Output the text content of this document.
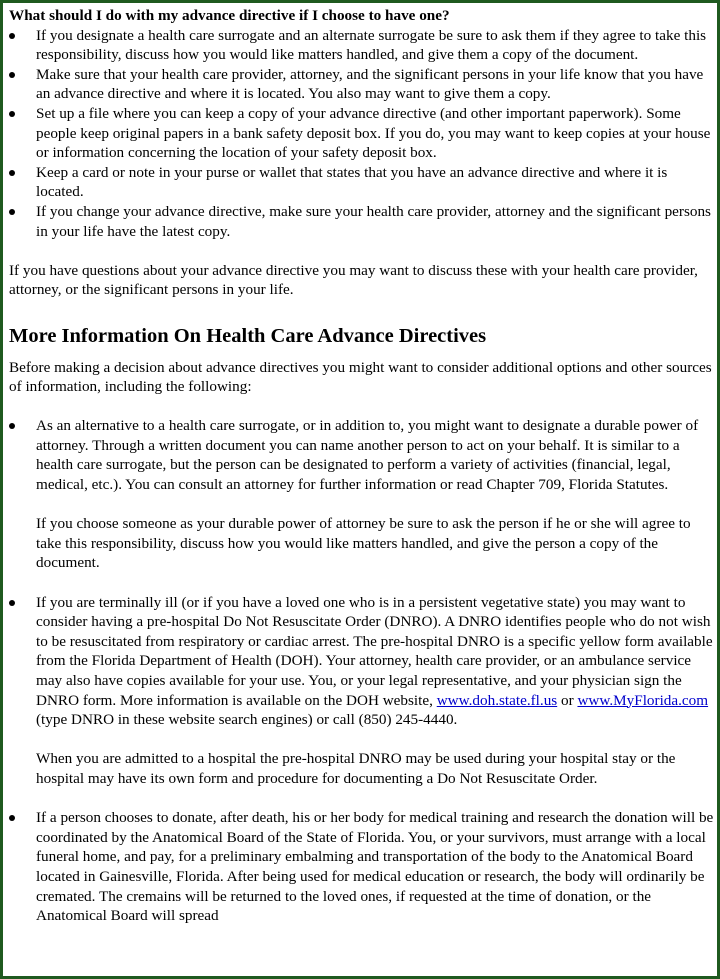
What should I do with my advance directive if I choose to have one?

If you designate a health care surrogate and an alternate surrogate be sure to ask them if they agree to take this responsibility, discuss how you would like matters handled, and give them a copy of the document.
Make sure that your health care provider, attorney, and the significant persons in your life know that you have an advance directive and where it is located. You also may want to give them a copy.
Set up a file where you can keep a copy of your advance directive (and other important paperwork). Some people keep original papers in a bank safety deposit box. If you do, you may want to keep copies at your house or information concerning the location of your safety deposit box.
Keep a card or note in your purse or wallet that states that you have an advance directive and where it is located.
If you change your advance directive, make sure your health care provider, attorney and the significant persons in your life have the latest copy.

If you have questions about your advance directive you may want to discuss these with your health care provider, attorney, or the significant persons in your life.

More Information On Health Care Advance Directives

Before making a decision about advance directives you might want to consider additional options and other sources of information, including the following:

As an alternative to a health care surrogate, or in addition to, you might want to designate a durable power of attorney. Through a written document you can name another person to act on your behalf. It is similar to a health care surrogate, but the person can be designated to perform a variety of activities (financial, legal, medical, etc.). You can consult an attorney for further information or read Chapter 709, Florida Statutes.

If you choose someone as your durable power of attorney be sure to ask the person if he or she will agree to take this responsibility, discuss how you would like matters handled, and give the person a copy of the document.

If you are terminally ill (or if you have a loved one who is in a persistent vegetative state) you may want to consider having a pre-hospital Do Not Resuscitate Order (DNRO). A DNRO identifies people who do not wish to be resuscitated from respiratory or cardiac arrest. The pre-hospital DNRO is a specific yellow form available from the Florida Department of Health (DOH). Your attorney, health care provider, or an ambulance service may also have copies available for your use. You, or your legal representative, and your physician sign the DNRO form. More information is available on the DOH website, www.doh.state.fl.us or www.MyFlorida.com (type DNRO in these website search engines) or call (850) 245-4440.

When you are admitted to a hospital the pre-hospital DNRO may be used during your hospital stay or the hospital may have its own form and procedure for documenting a Do Not Resuscitate Order.

If a person chooses to donate, after death, his or her body for medical training and research the donation will be coordinated by the Anatomical Board of the State of Florida. You, or your survivors, must arrange with a local funeral home, and pay, for a preliminary embalming and transportation of the body to the Anatomical Board located in Gainesville, Florida. After being used for medical education or research, the body will ordinarily be cremated. The cremains will be returned to the loved ones, if requested at the time of donation, or the Anatomical Board will spread
